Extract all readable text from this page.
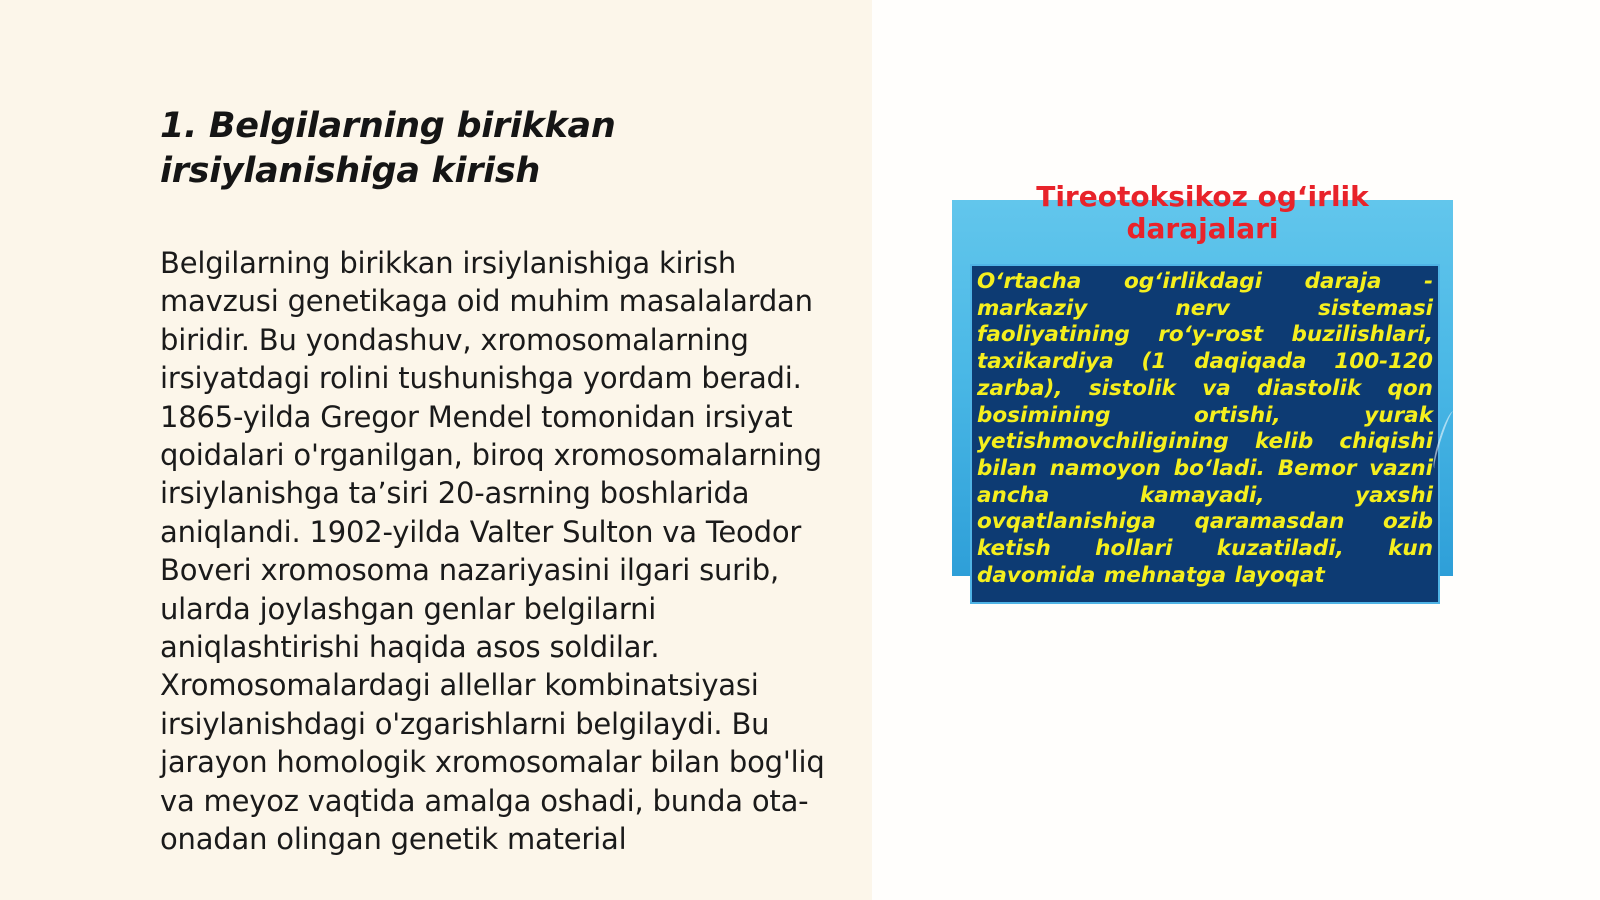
1. Belgilarning birikkan irsiylanishiga kirish

Belgilarning birikkan irsiylanishiga kirish mavzusi genetikaga oid muhim masalalardan biridir. Bu yondashuv, xromosomalarning irsiyatdagi rolini tushunishga yordam beradi. 1865-yilda Gregor Mendel tomonidan irsiyat qoidalari o'rganilgan, biroq xromosomalarning irsiylanishga ta’siri 20-asrning boshlarida aniqlandi. 1902-yilda Valter Sulton va Teodor Boveri xromosoma nazariyasini ilgari surib, ularda joylashgan genlar belgilarni aniqlashtirishi haqida asos soldilar. Xromosomalardagi allellar kombinatsiyasi irsiylanishdagi o'zgarishlarni belgilaydi. Bu jarayon homologik xromosomalar bilan bog'liq va meyoz vaqtida amalga oshadi, bunda ota-onadan olingan genetik material

Tireotoksikoz og‘irlik
darajalari

O‘rtacha og‘irlikdagi daraja - markaziy nerv sistemasi faoliyatining ro‘y-rost buzilishlari, taxikardiya (1 daqiqada 100-120 zarba), sistolik va diastolik qon bosimining ortishi, yurak yetishmovchiligining kelib chiqishi bilan namoyon bo‘ladi. Bemor vazni ancha kamayadi, yaxshi ovqatlanishiga qaramasdan ozib ketish hollari kuzatiladi, kun davomida mehnatga layoqat
